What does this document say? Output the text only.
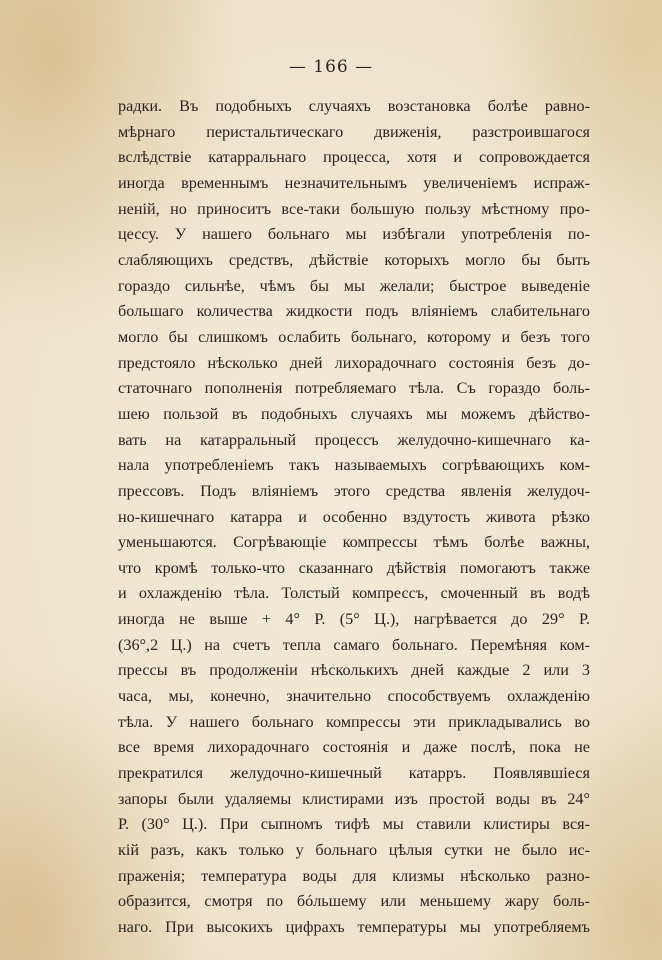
— 166 —
радки. Въ подобныхъ случаяхъ возстановка болѣе равно-
мѣрнаго перистальтическаго движенія, разстроившагося
вслѣдствіе катарральнаго процесса, хотя и сопровождается
иногда временнымъ незначительнымъ увеличеніемъ испраж-
неній, но приноситъ все-таки большую пользу мѣстному про-
цессу. У нашего больнаго мы избѣгали употребленія по-
слабляющихъ средствъ, дѣйствіе которыхъ могло бы быть
гораздо сильнѣе, чѣмъ бы мы желали; быстрое выведеніе
большаго количества жидкости подъ вліяніемъ слабительнаго
могло бы слишкомъ ослабить больнаго, которому и безъ того
предстояло нѣсколько дней лихорадочнаго состоянія безъ до-
статочнаго пополненія потребляемаго тѣла. Съ гораздо боль-
шею пользой въ подобныхъ случаяхъ мы можемъ дѣйство-
вать на катарральный процессъ желудочно-кишечнаго ка-
нала употребленіемъ такъ называемыхъ согрѣвающихъ ком-
прессовъ. Подъ вліяніемъ этого средства явленія желудоч-
но-кишечнаго катарра и особенно вздутость живота рѣзко
уменьшаются. Согрѣвающіе компрессы тѣмъ болѣе важны,
что кромѣ только-что сказаннаго дѣйствія помогаютъ также
и охлажденію тѣла. Толстый компрессъ, смоченный въ водѣ
иногда не выше + 4° Р. (5° Ц.), нагрѣвается до 29° Р.
(36°,2 Ц.) на счетъ тепла самаго больнаго. Перемѣняя ком-
прессы въ продолженіи нѣсколькихъ дней каждые 2 или 3
часа, мы, конечно, значительно способствуемъ охлажденію
тѣла. У нашего больнаго компрессы эти прикладывались во
все время лихорадочнаго состоянія и даже послѣ, пока не
прекратился желудочно-кишечный катарръ. Появлявшіеся
запоры были удаляемы клистирами изъ простой воды въ 24°
Р. (30° Ц.). При сыпномъ тифѣ мы ставили клистиры вся-
кій разъ, какъ только у больнаго цѣлыя сутки не было ис-
праженія; температура воды для клизмы нѣсколько разно-
образится, смотря по бóльшему или меньшему жару боль-
наго. При высокихъ цифрахъ температуры мы употребляемъ
